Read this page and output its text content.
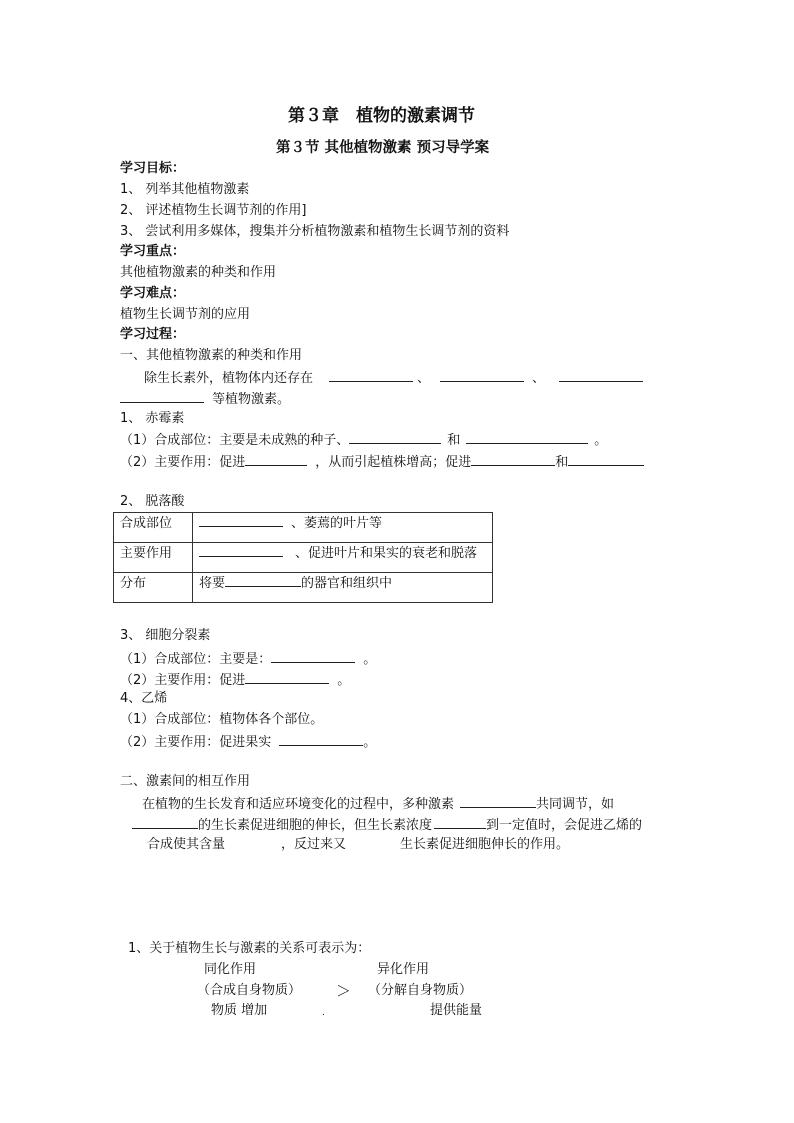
第３章　植物的激素调节
第３节 其他植物激素 预习导学案
学习目标：
1、 列举其他植物激素
2、 评述植物生长调节剂的作用]
3、 尝试利用多媒体，搜集并分析植物激素和植物生长调节剂的资料
学习重点：
其他植物激素的种类和作用
学习难点：
植物生长调节剂的应用
学习过程：
一、其他植物激素的种类和作用
除生长素外，植物体内还存在	、	、
等植物激素。
1、 赤霉素
（1）合成部位：主要是未成熟的种子、	和	。
（2）主要作用：促进	，从而引起植株增高；促进	和
2、 脱落酸
合成部位	、萎蔫的叶片等
主要作用	、促进叶片和果实的衰老和脱落
分布	将要 的器官和组织中
3、 细胞分裂素
（1）合成部位：主要是：	。
（2）主要作用：促进	。
4、乙烯
（1）合成部位：植物体各个部位。
（2）主要作用：促进果实	。
二、激素间的相互作用
在植物的生长发育和适应环境变化的过程中，多种激素	共同调节，如
的生长素促进细胞的伸长，但生长素浓度	到一定值时，会促进乙烯的
合成使其含量	，反过来又	生长素促进细胞伸长的作用。
1、关于植物生长与激素的关系可表示为：
同化作用	异化作用
（合成自身物质） ＞ （分解自身物质）
物质 增加	.	提供能量
